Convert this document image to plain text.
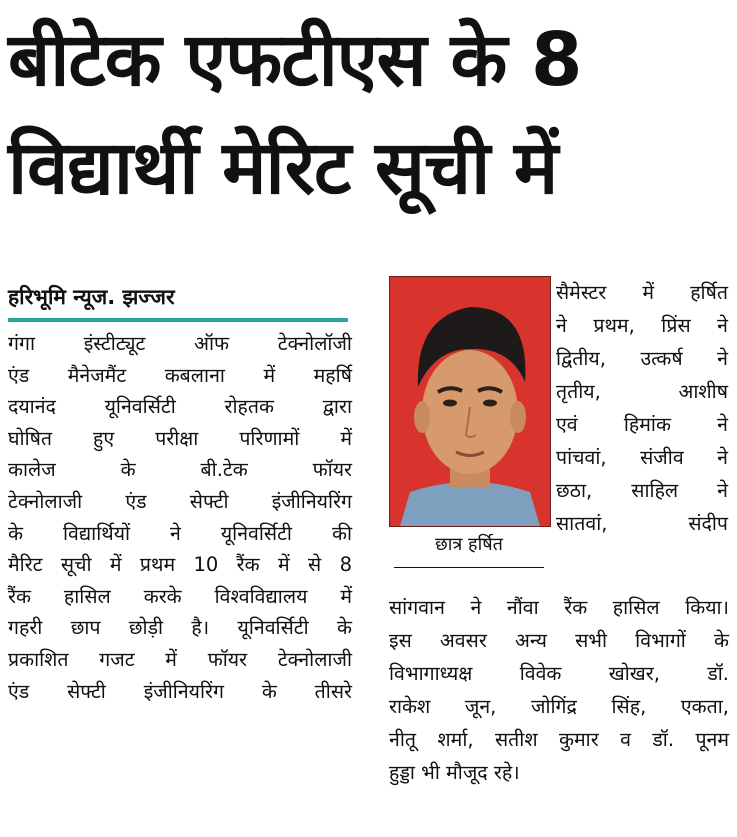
बीटेक एफटीएस के 8
विद्यार्थी मेरिट सूची में
हरिभूमि न्यूज. झज्जर
गंगा इंस्टीट्यूट ऑफ टेक्नोलॉजी
एंड मैनेजमैंट कबलाना में महर्षि
दयानंद यूनिवर्सिटी रोहतक द्वारा
घोषित हुए परीक्षा परिणामों में
कालेज के बी.टेक फॉयर
टेक्नोलाजी एंड सेफ्टी इंजीनियरिंग
के विद्यार्थियों ने यूनिवर्सिटी की
मैरिट सूची में प्रथम 10 रैंक में से 8
रैंक हासिल करके विश्वविद्यालय में
गहरी छाप छोड़ी है। यूनिवर्सिटी के
प्रकाशित गजट में फॉयर टेक्नोलाजी
एंड सेफ्टी इंजीनियरिंग के तीसरे
छात्र हर्षित
सैमेस्टर में हर्षित
ने प्रथम, प्रिंस ने
द्वितीय, उत्कर्ष ने
तृतीय, आशीष
एवं हिमांक ने
पांचवां, संजीव ने
छठा, साहिल ने
सातवां, संदीप
सांगवान ने नौंवा रैंक हासिल किया।
इस अवसर अन्य सभी विभागों के
विभागाध्यक्ष विवेक खोखर, डॉ.
राकेश जून, जोगिंद्र सिंह, एकता,
नीतू शर्मा, सतीश कुमार व डॉ. पूनम
हुड्डा भी मौजूद रहे।
